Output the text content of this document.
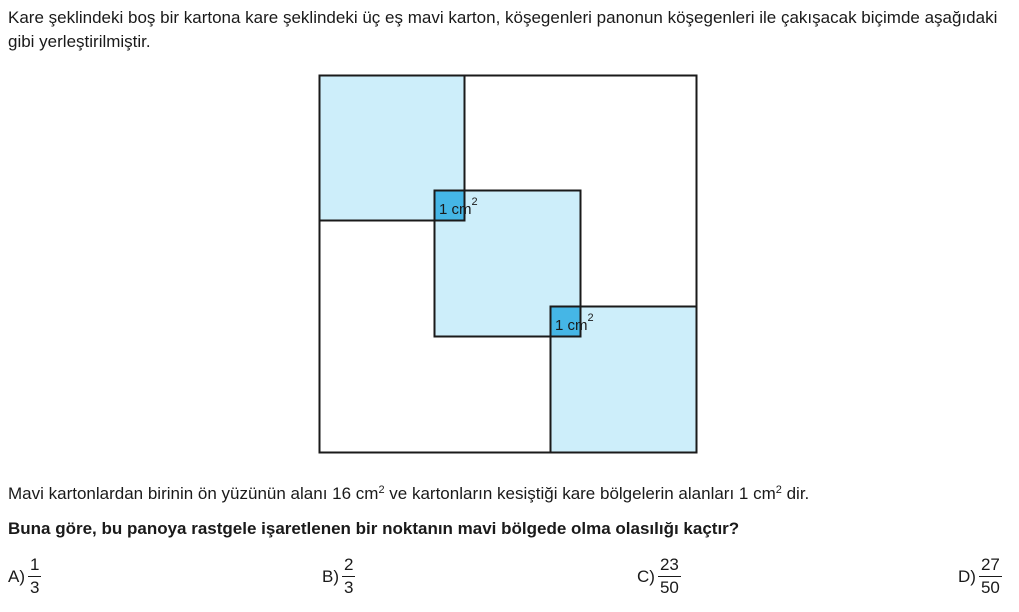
Kare şeklindeki boş bir kartona kare şeklindeki üç eş mavi karton, köşegenleri panonun köşegenleri ile çakışacak biçimde aşağıdaki gibi yerleştirilmiştir.

1 $cm^2$
1 $cm^2$

Mavi kartonlardan birinin ön yüzünün alanı 16 $cm^2$ ve kartonların kesiştiği kare bölgelerin alanları 1 $cm^2$ dir.

Buna göre, bu panoya rastgele işaretlenen bir noktanın mavi bölgede olma olasılığı kaçtır?

$A) \frac{1}{3}$	$B) \frac{2}{3}$	$C) \frac{23}{50}$	$D) \frac{27}{50}$
